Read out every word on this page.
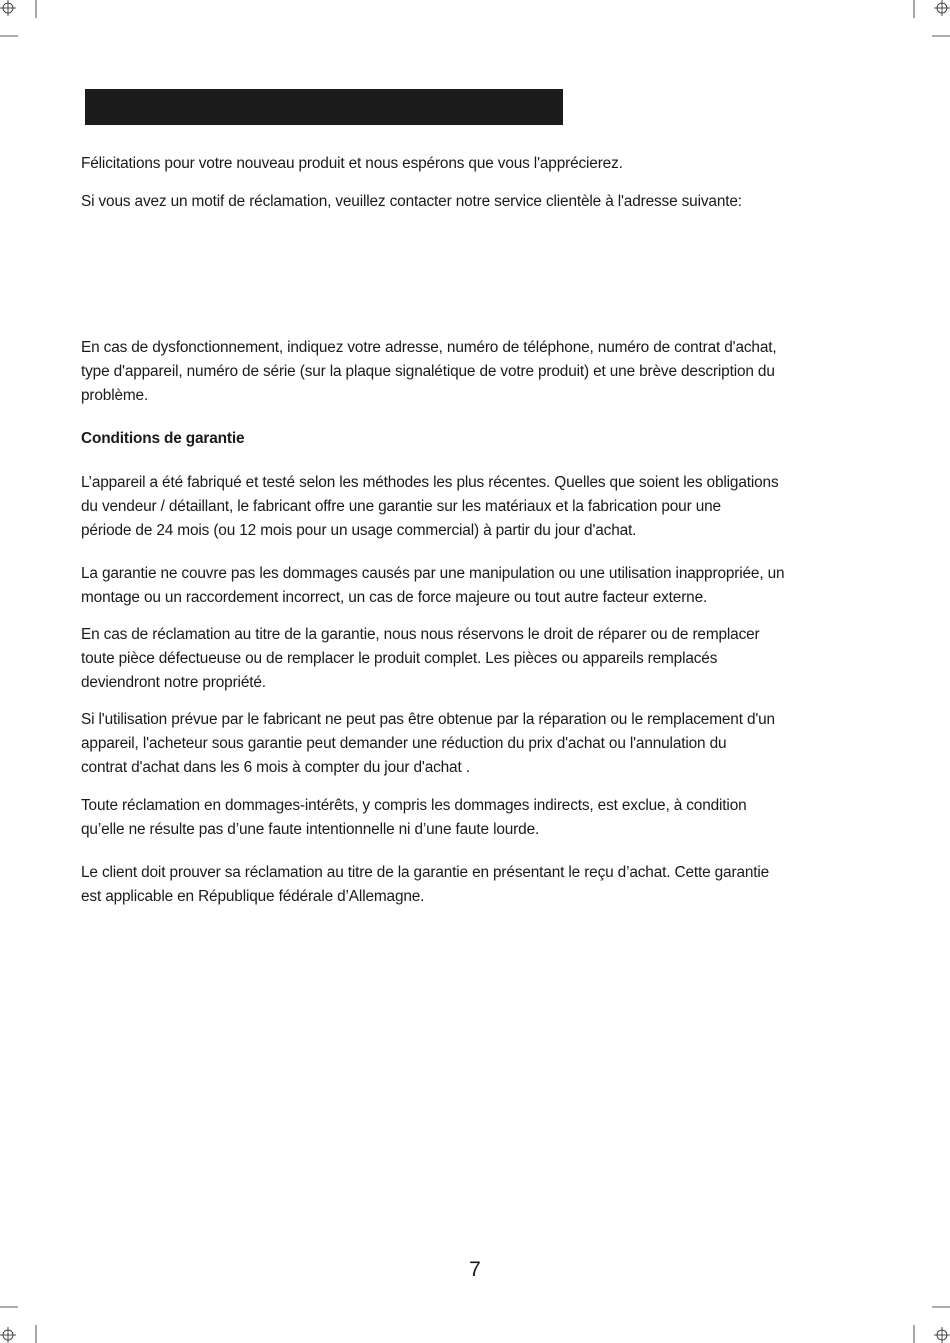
Félicitations pour votre nouveau produit et nous espérons que vous l'apprécierez.

Si vous avez un motif de réclamation, veuillez contacter notre service clientèle à l'adresse suivante:

En cas de dysfonctionnement, indiquez votre adresse, numéro de téléphone, numéro de contrat d'achat,
type d'appareil, numéro de série (sur la plaque signalétique de votre produit) et une brève description du
problème.

Conditions de garantie

L’appareil a été fabriqué et testé selon les méthodes les plus récentes. Quelles que soient les obligations
du vendeur / détaillant, le fabricant offre une garantie sur les matériaux et la fabrication pour une
période de 24 mois (ou 12 mois pour un usage commercial) à partir du jour d'achat.

La garantie ne couvre pas les dommages causés par une manipulation ou une utilisation inappropriée, un
montage ou un raccordement incorrect, un cas de force majeure ou tout autre facteur externe.

En cas de réclamation au titre de la garantie, nous nous réservons le droit de réparer ou de remplacer
toute pièce défectueuse ou de remplacer le produit complet. Les pièces ou appareils remplacés
deviendront notre propriété.

Si l'utilisation prévue par le fabricant ne peut pas être obtenue par la réparation ou le remplacement d'un
appareil, l'acheteur sous garantie peut demander une réduction du prix d'achat ou l'annulation du
contrat d'achat dans les 6 mois à compter du jour d'achat .

Toute réclamation en dommages-intérêts, y compris les dommages indirects, est exclue, à condition
qu’elle ne résulte pas d’une faute intentionnelle ni d’une faute lourde.

Le client doit prouver sa réclamation au titre de la garantie en présentant le reçu d’achat. Cette garantie
est applicable en République fédérale d’Allemagne.

7
